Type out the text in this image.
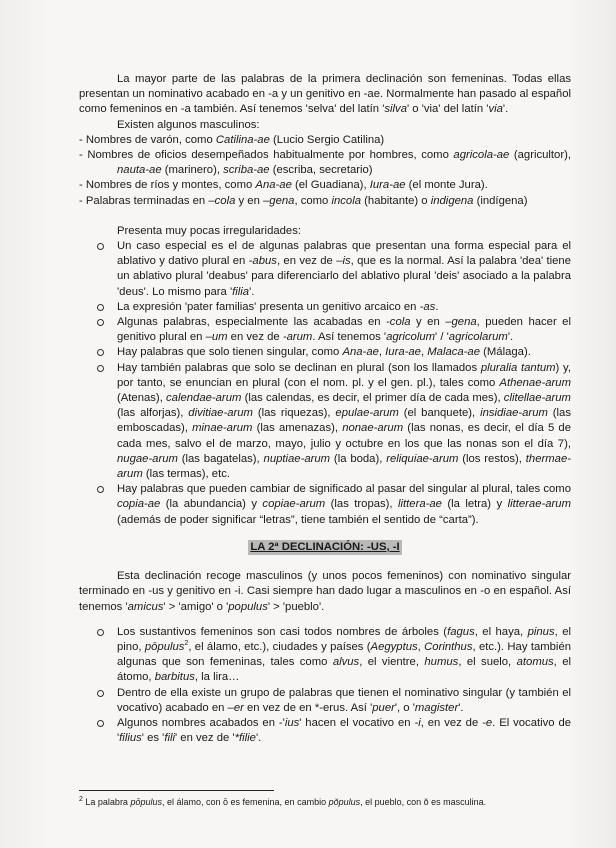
La mayor parte de las palabras de la primera declinación son femeninas. Todas ellas presentan un nominativo acabado en -a y un genitivo en -ae. Normalmente han pasado al español como femeninos en -a también. Así tenemos 'selva' del latín 'silva' o 'via' del latín 'via'.

Existen algunos masculinos:

- Nombres de varón, como Catilina-ae (Lucio Sergio Catilina)

- Nombres de oficios desempeñados habitualmente por hombres, como agricola-ae (agricultor), nauta-ae (marinero), scriba-ae (escriba, secretario)

- Nombres de ríos y montes, como Ana-ae (el Guadiana), Iura-ae (el monte Jura).

- Palabras terminadas en –cola y en –gena, como incola (habitante) o indigena (indígena)

Presenta muy pocas irregularidades:

Un caso especial es el de algunas palabras que presentan una forma especial para el ablativo y dativo plural en -abus, en vez de –is, que es la normal. Así la palabra 'dea' tiene un ablativo plural 'deabus' para diferenciarlo del ablativo plural 'deis' asociado a la palabra 'deus'. Lo mismo para 'filia'.
La expresión 'pater familias' presenta un genitivo arcaico en -as.
Algunas palabras, especialmente las acabadas en -cola y en –gena, pueden hacer el genitivo plural en –um en vez de -arum. Así tenemos 'agricolum' / 'agricolarum'.
Hay palabras que solo tienen singular, como Ana-ae, Iura-ae, Malaca-ae (Málaga).
Hay también palabras que solo se declinan en plural (son los llamados pluralia tantum) y, por tanto, se enuncian en plural (con el nom. pl. y el gen. pl.), tales como Athenae-arum (Atenas), calendae-arum (las calendas, es decir, el primer día de cada mes), clitellae-arum (las alforjas), divitiae-arum (las riquezas), epulae-arum (el banquete), insidiae-arum (las emboscadas), minae-arum (las amenazas), nonae-arum (las nonas, es decir, el día 5 de cada mes, salvo el de marzo, mayo, julio y octubre en los que las nonas son el día 7), nugae-arum (las bagatelas), nuptiae-arum (la boda), reliquiae-arum (los restos), thermae-arum (las termas), etc.
Hay palabras que pueden cambiar de significado al pasar del singular al plural, tales como copia-ae (la abundancia) y copiae-arum (las tropas), littera-ae (la letra) y litterae-arum (además de poder significar “letras”, tiene también el sentido de “carta”).
LA 2ª DECLINACIÓN: -US, -I

Esta declinación recoge masculinos (y unos pocos femeninos) con nominativo singular terminado en -us y genitivo en -i. Casi siempre han dado lugar a masculinos en -o en español. Así tenemos 'amicus' > 'amigo' o 'populus' > 'pueblo'.

Los sustantivos femeninos son casi todos nombres de árboles (fagus, el haya, pinus, el pino, pōpulus$^2$, el álamo, etc.), ciudades y países (Aegyptus, Corinthus, etc.). Hay también algunas que son femeninas, tales como alvus, el vientre, humus, el suelo, atomus, el átomo, barbitus, la lira…
Dentro de ella existe un grupo de palabras que tienen el nominativo singular (y también el vocativo) acabado en –er en vez de en *-erus. Así 'puer', o 'magister'.
Algunos nombres acabados en -'ius' hacen el vocativo en -i, en vez de -e. El vocativo de 'filius' es 'fili' en vez de '*filie'.

$^2$ La palabra pōpulus, el álamo, con ō es femenina, en cambio pŏpulus, el pueblo, con ŏ es masculina.
